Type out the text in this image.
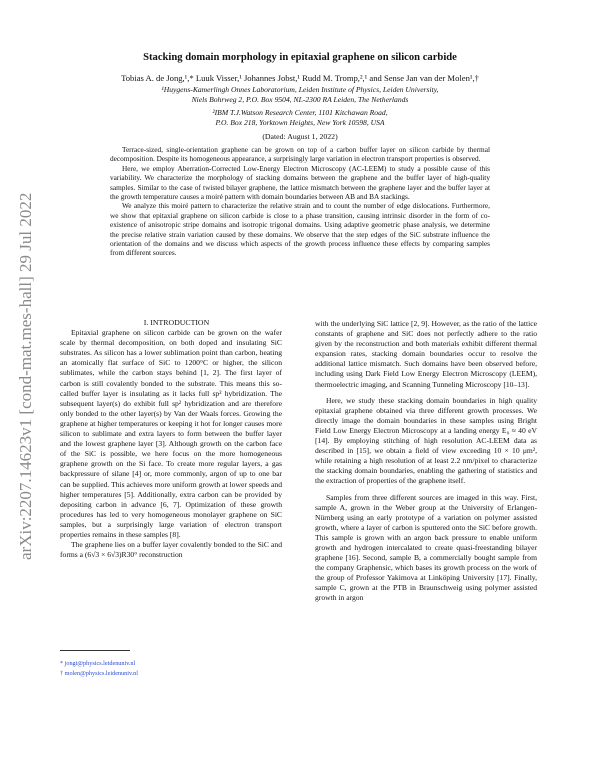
arXiv:2207.14623v1 [cond-mat.mes-hall] 29 Jul 2022
Stacking domain morphology in epitaxial graphene on silicon carbide
Tobias A. de Jong,¹,* Luuk Visser,¹ Johannes Jobst,¹ Rudd M. Tromp,²,¹ and Sense Jan van der Molen¹,†
¹Huygens-Kamerlingh Onnes Laboratorium, Leiden Institute of Physics, Leiden University,
Niels Bohrweg 2, P.O. Box 9504, NL-2300 RA Leiden, The Netherlands
²IBM T.J.Watson Research Center, 1101 Kitchawan Road,
P.O. Box 218, Yorktown Heights, New York 10598, USA
(Dated: August 1, 2022)

Terrace-sized, single-orientation graphene can be grown on top of a carbon buffer layer on silicon carbide by thermal decomposition. Despite its homogeneous appearance, a surprisingly large variation in electron transport properties is observed.

Here, we employ Aberration-Corrected Low-Energy Electron Microscopy (AC-LEEM) to study a possible cause of this variability. We characterize the morphology of stacking domains between the graphene and the buffer layer of high-quality samples. Similar to the case of twisted bilayer graphene, the lattice mismatch between the graphene layer and the buffer layer at the growth temperature causes a moiré pattern with domain boundaries between AB and BA stackings.

We analyze this moiré pattern to characterize the relative strain and to count the number of edge dislocations. Furthermore, we show that epitaxial graphene on silicon carbide is close to a phase transition, causing intrinsic disorder in the form of co-existence of anisotropic stripe domains and isotropic trigonal domains. Using adaptive geometric phase analysis, we determine the precise relative strain variation caused by these domains. We observe that the step edges of the SiC substrate influence the orientation of the domains and we discuss which aspects of the growth process influence these effects by comparing samples from different sources.

I. INTRODUCTION

Epitaxial graphene on silicon carbide can be grown on the wafer scale by thermal decomposition, on both doped and insulating SiC substrates. As silicon has a lower sublimation point than carbon, heating an atomically flat surface of SiC to 1200°C or higher, the silicon sublimates, while the carbon stays behind [1, 2]. The first layer of carbon is still covalently bonded to the substrate. This means this so-called buffer layer is insulating as it lacks full sp² hybridization. The subsequent layer(s) do exhibit full sp² hybridization and are therefore only bonded to the other layer(s) by Van der Waals forces. Growing the graphene at higher temperatures or keeping it hot for longer causes more silicon to sublimate and extra layers to form between the buffer layer and the lowest graphene layer [3]. Although growth on the carbon face of the SiC is possible, we here focus on the more homogeneous graphene growth on the Si face. To create more regular layers, a gas backpressure of silane [4] or, more commonly, argon of up to one bar can be supplied. This achieves more uniform growth at lower speeds and higher temperatures [5]. Additionally, extra carbon can be provided by depositing carbon in advance [6, 7]. Optimization of these growth procedures has led to very homogeneous monolayer graphene on SiC samples, but a surprisingly large variation of electron transport properties remains in these samples [8].

The graphene lies on a buffer layer covalently bonded to the SiC and forms a (6√3 × 6√3)R30° reconstruction

with the underlying SiC lattice [2, 9]. However, as the ratio of the lattice constants of graphene and SiC does not perfectly adhere to the ratio given by the reconstruction and both materials exhibit different thermal expansion rates, stacking domain boundaries occur to resolve the additional lattice mismatch. Such domains have been observed before, including using Dark Field Low Energy Electron Microscopy (LEEM), thermoelectric imaging, and Scanning Tunneling Microscopy [10–13].

Here, we study these stacking domain boundaries in high quality epitaxial graphene obtained via three different growth processes. We directly image the domain boundaries in these samples using Bright Field Low Energy Electron Microscopy at a landing energy E₀ ≈ 40 eV [14]. By employing stitching of high resolution AC-LEEM data as described in [15], we obtain a field of view exceeding 10 × 10 μm², while retaining a high resolution of at least 2.2 nm/pixel to characterize the stacking domain boundaries, enabling the gathering of statistics and the extraction of properties of the graphene itself.

Samples from three different sources are imaged in this way. First, sample A, grown in the Weber group at the University of Erlangen-Nürnberg using an early prototype of a variation on polymer assisted growth, where a layer of carbon is sputtered onto the SiC before growth. This sample is grown with an argon back pressure to enable uniform growth and hydrogen intercalated to create quasi-freestanding bilayer graphene [16]. Second, sample B, a commercially bought sample from the company Graphensic, which bases its growth process on the work of the group of Professor Yakimova at Linköping University [17]. Finally, sample C, grown at the PTB in Braunschweig using polymer assisted growth in argon

* jongt@physics.leidenuniv.nl
† molen@physics.leidenuniv.nl
